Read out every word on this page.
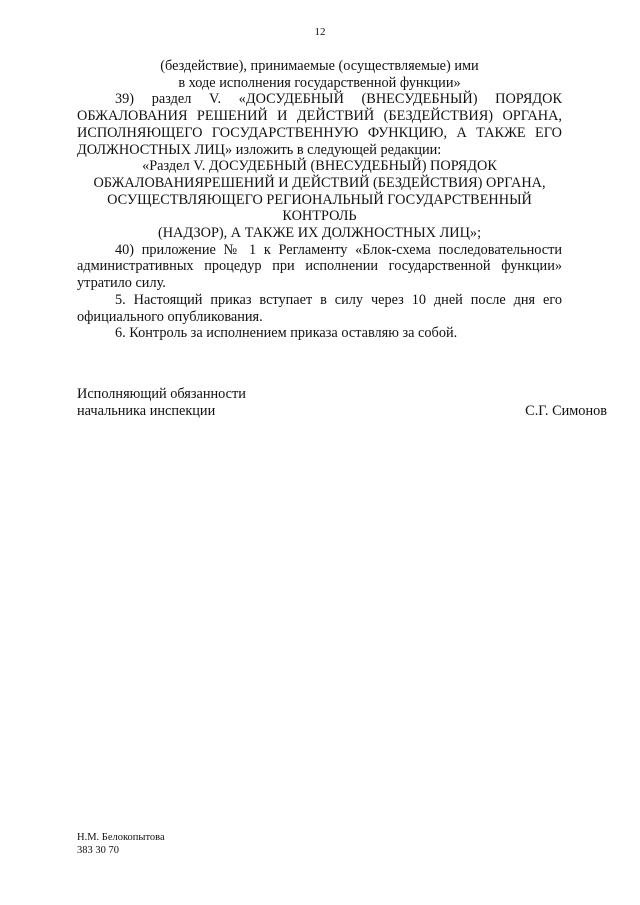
12

(бездействие), принимаемые (осуществляемые) ими

в ходе исполнения государственной функции»

39) раздел V. «ДОСУДЕБНЫЙ (ВНЕСУДЕБНЫЙ) ПОРЯДОК ОБЖАЛОВАНИЯ РЕШЕНИЙ И ДЕЙСТВИЙ (БЕЗДЕЙСТВИЯ) ОРГАНА, ИСПОЛНЯЮЩЕГО ГОСУДАРСТВЕННУЮ ФУНКЦИЮ, А ТАКЖЕ ЕГО ДОЛЖНОСТНЫХ ЛИЦ» изложить в следующей редакции:

«Раздел V. ДОСУДЕБНЫЙ (ВНЕСУДЕБНЫЙ) ПОРЯДОК

ОБЖАЛОВАНИЯРЕШЕНИЙ И ДЕЙСТВИЙ (БЕЗДЕЙСТВИЯ) ОРГАНА,

ОСУЩЕСТВЛЯЮЩЕГО РЕГИОНАЛЬНЫЙ ГОСУДАРСТВЕННЫЙ КОНТРОЛЬ

(НАДЗОР), А ТАКЖЕ ИХ ДОЛЖНОСТНЫХ ЛИЦ»;

40) приложение № 1 к Регламенту «Блок-схема последовательности административных процедур при исполнении государственной функции» утратило силу.

5. Настоящий приказ вступает в силу через 10 дней после дня его официального опубликования.

6. Контроль за исполнением приказа оставляю за собой.

Исполняющий обязанности
начальника инспекции	С.Г. Симонов
Н.М. Белокопытова
383 30 70
